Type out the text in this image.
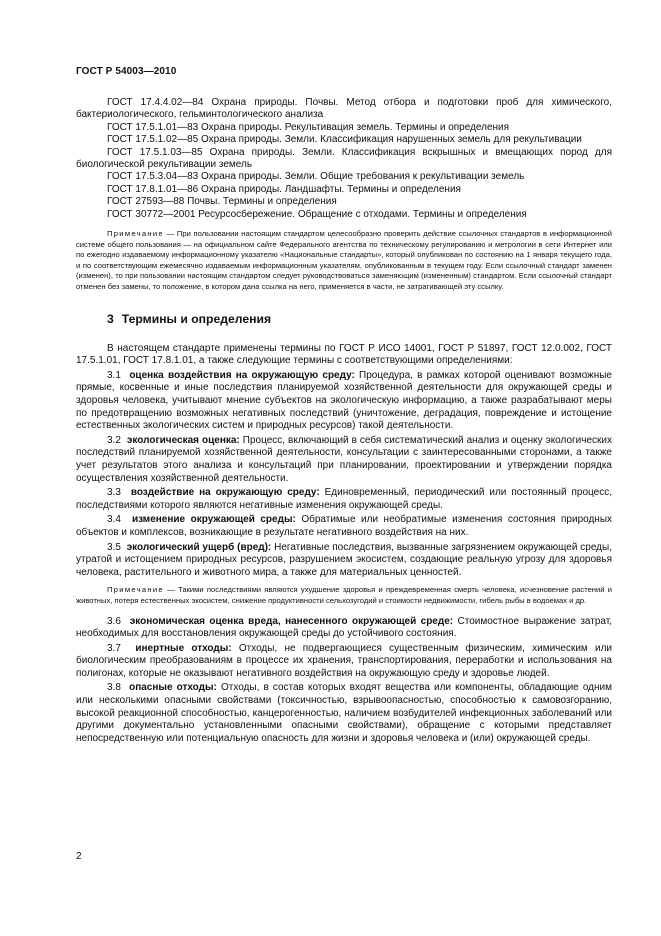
ГОСТ Р 54003—2010

ГОСТ 17.4.4.02—84 Охрана природы. Почвы. Метод отбора и подготовки проб для химического, бактериологического, гельминтологического анализа

ГОСТ 17.5.1.01—83 Охрана природы. Рекультивация земель. Термины и определения

ГОСТ 17.5.1.02—85 Охрана природы. Земли. Классификация нарушенных земель для рекультивации

ГОСТ 17.5.1.03—85 Охрана природы. Земли. Классификация вскрышных и вмещающих пород для биологической рекультивации земель

ГОСТ 17.5.3.04—83 Охрана природы. Земли. Общие требования к рекультивации земель

ГОСТ 17.8.1.01—86 Охрана природы. Ландшафты. Термины и определения

ГОСТ 27593—88 Почвы. Термины и определения

ГОСТ 30772—2001 Ресурсосбережение. Обращение с отходами. Термины и определения

Примечание — При пользовании настоящим стандартом целесообразно проверить действие ссылочных стандартов в информационной системе общего пользования — на официальном сайте Федерального агентства по техническому регулированию и метрологии в сети Интернет или по ежегодно издаваемому информационному указателю «Национальные стандарты», который опубликован по состоянию на 1 января текущего года, и по соответствующим ежемесячно издаваемым информационным указателям, опубликованным в текущем году. Если ссылочный стандарт заменен (изменен), то при пользовании настоящим стандартом следует руководствоваться заменяющим (измененным) стандартом. Если ссылочный стандарт отменен без замены, то положение, в котором дана ссылка на него, применяется в части, не затрагивающей эту ссылку.

3 Термины и определения

В настоящем стандарте применены термины по ГОСТ Р ИСО 14001, ГОСТ Р 51897, ГОСТ 12.0.002, ГОСТ 17.5.1.01, ГОСТ 17.8.1.01, а также следующие термины с соответствующими определениями:

3.1 оценка воздействия на окружающую среду: Процедура, в рамках которой оценивают возможные прямые, косвенные и иные последствия планируемой хозяйственной деятельности для окружающей среды и здоровья человека, учитывают мнение субъектов на экологическую информацию, а также разрабатывают меры по предотвращению возможных негативных последствий (уничтожение, деградация, повреждение и истощение естественных экологических систем и природных ресурсов) такой деятельности.

3.2 экологическая оценка: Процесс, включающий в себя систематический анализ и оценку экологических последствий планируемой хозяйственной деятельности, консультации с заинтересованными сторонами, а также учет результатов этого анализа и консультаций при планировании, проектировании и утверждении порядка осуществления хозяйственной деятельности.

3.3 воздействие на окружающую среду: Единовременный, периодический или постоянный процесс, последствиями которого являются негативные изменения окружающей среды.

3.4 изменение окружающей среды: Обратимые или необратимые изменения состояния природных объектов и комплексов, возникающие в результате негативного воздействия на них.

3.5 экологический ущерб (вред): Негативные последствия, вызванные загрязнением окружающей среды, утратой и истощением природных ресурсов, разрушением экосистем, создающие реальную угрозу для здоровья человека, растительного и животного мира, а также для материальных ценностей.

Примечание — Такими последствиями являются ухудшение здоровья и преждевременная смерть человека, исчезновение растений и животных, потеря естественных экосистем, снижение продуктивности сельхозугодий и стоимости недвижимости, гибель рыбы в водоемах и др.

3.6 экономическая оценка вреда, нанесенного окружающей среде: Стоимостное выражение затрат, необходимых для восстановления окружающей среды до устойчивого состояния.

3.7 инертные отходы: Отходы, не подвергающиеся существенным физическим, химическим или биологическим преобразованиям в процессе их хранения, транспортирования, переработки и использования на полигонах, которые не оказывают негативного воздействия на окружающую среду и здоровье людей.

3.8 опасные отходы: Отходы, в состав которых входят вещества или компоненты, обладающие одним или несколькими опасными свойствами (токсичностью, взрывоопасностью, способностью к самовозгоранию, высокой реакционной способностью, канцерогенностью, наличием возбудителей инфекционных заболеваний или другими документально установленными опасными свойствами), обращение с которыми представляет непосредственную или потенциальную опасность для жизни и здоровья человека и (или) окружающей среды.

2
